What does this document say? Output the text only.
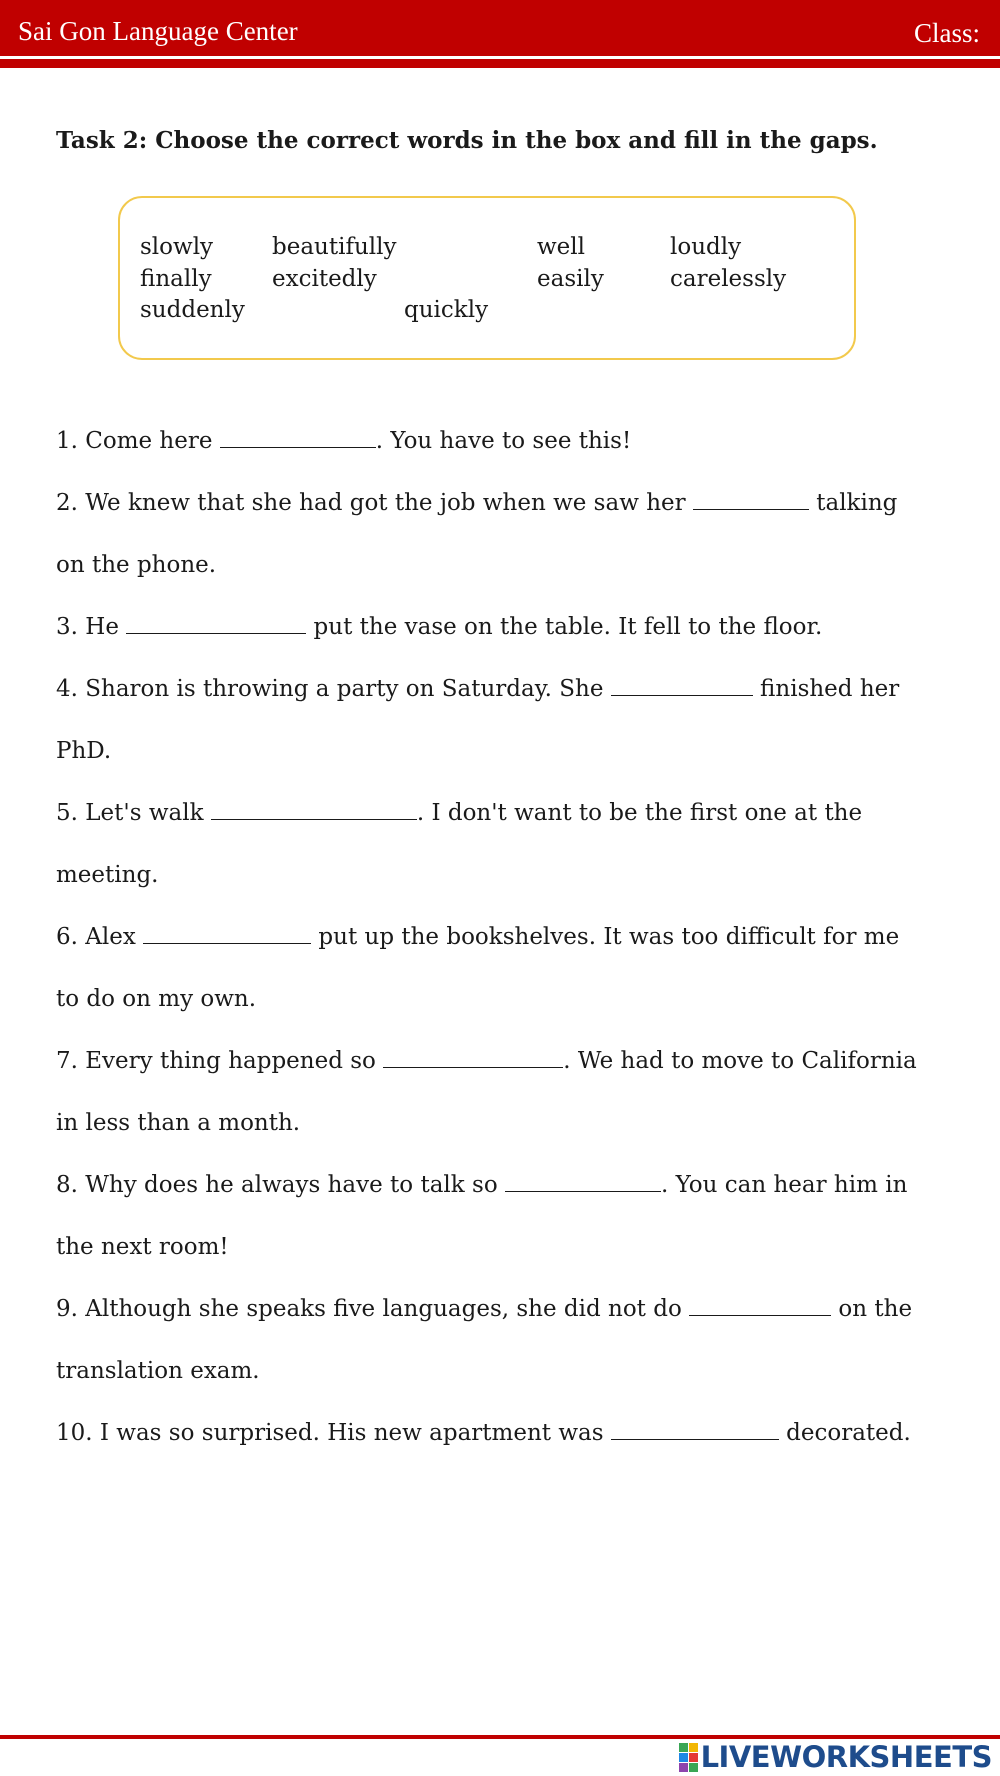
Sai Gon Language Center	Class:
Task 2: Choose the correct words in the box and fill in the gaps.
slowly	beautifully	well	loudly
finally	excitedly	easily	carelessly
suddenly	quickly
1. Come here	. You have to see this!
2. We knew that she had got the job when we saw her	talking
on the phone.
3. He	put the vase on the table. It fell to the floor.
4. Sharon is throwing a party on Saturday. She	finished her
PhD.
5. Let's walk	. I don't want to be the first one at the
meeting.
6. Alex	put up the bookshelves. It was too difficult for me
to do on my own.
7. Every thing happened so	. We had to move to California
in less than a month.
8. Why does he always have to talk so	. You can hear him in
the next room!
9. Although she speaks five languages, she did not do	on the
translation exam.
10. I was so surprised. His new apartment was	decorated.
LIVEWORKSHEETS
